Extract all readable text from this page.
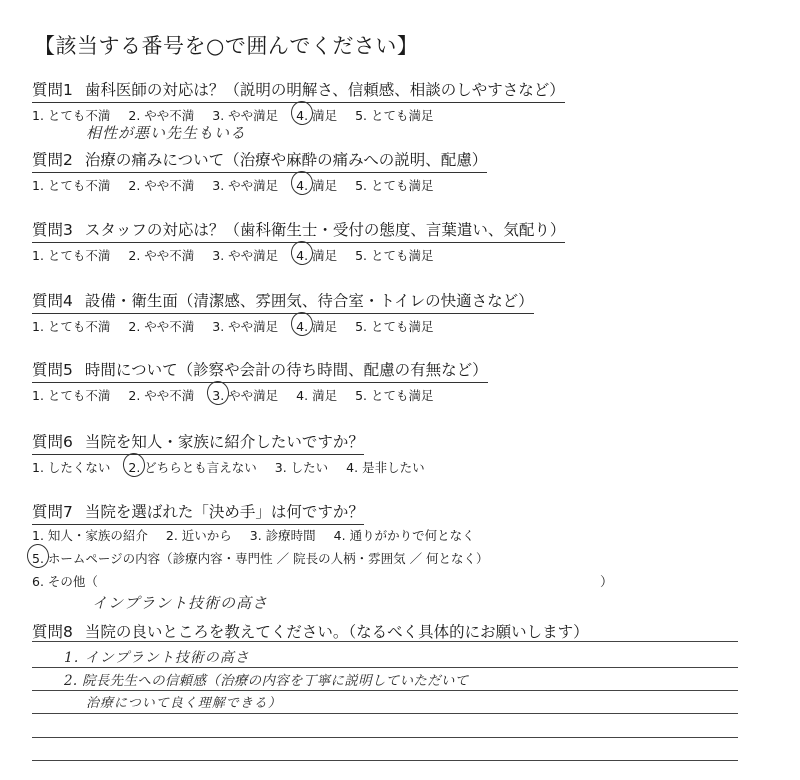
【該当する番号を○で囲んでください】
質問1 歯科医師の対応は？（説明の明解さ、信頼感、相談のしやすさなど）
1. とても不満 2. やや不満 3. やや満足 4. 満足 5. とても満足
相性が悪い先生もいる
質問2 治療の痛みについて（治療や麻酔の痛みへの説明、配慮）
1. とても不満 2. やや不満 3. やや満足 4. 満足 5. とても満足
質問3 スタッフの対応は？（歯科衛生士・受付の態度、言葉遣い、気配り）
1. とても不満 2. やや不満 3. やや満足 4. 満足 5. とても満足
質問4 設備・衛生面（清潔感、雰囲気、待合室・トイレの快適さなど）
1. とても不満 2. やや不満 3. やや満足 4. 満足 5. とても満足
質問5 時間について（診察や会計の待ち時間、配慮の有無など）
1. とても不満 2. やや不満 3. やや満足 4. 満足 5. とても満足
質問6 当院を知人・家族に紹介したいですか？
1. したくない 2. どちらとも言えない 3. したい 4. 是非したい
質問7 当院を選ばれた「決め手」は何ですか？
1. 知人・家族の紹介 2. 近いから 3. 診療時間 4. 通りがかりで何となく
5. ホームページの内容（診療内容・専門性 ／ 院長の人柄・雰囲気 ／ 何となく）
6. その他（	）
インプラント技術の高さ
質問8 当院の良いところを教えてください。（なるべく具体的にお願いします）
1. インプラント技術の高さ
2. 院長先生への信頼感（治療の内容を丁寧に説明していただいて
治療について良く理解できる）
